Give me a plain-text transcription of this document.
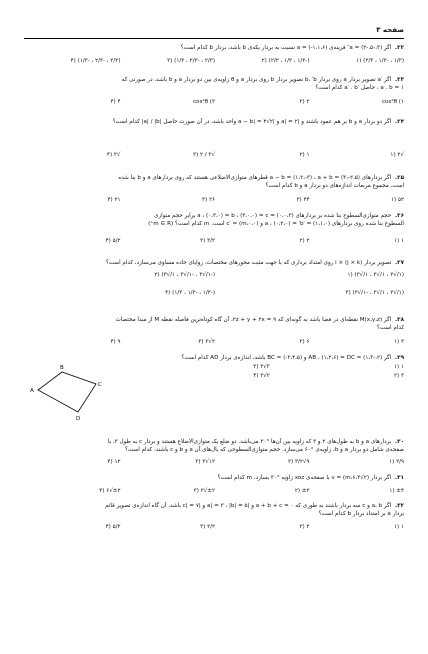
صفحه ۳
۲۲. اگر (۳،-۵،-۲) = a″ قرینه‌ی a = (-۱،۱،۶) نسبت به بردار یکه‌ی b باشد، بردار b کدام است؟
(۱/۳ ، -۱/۳ ، ۲/۳) (۱
(-۱/۳ ، ۱/۳ ، ۲/۳) (۲
(۲/۳ ، -۲/۳ ، ۱/۳) (۳
(۲/۳ ، -۲/۳ ، -۱/۳) (۴
۲۳. اگر ′a تصویر بردار a روی بردار b، ′b تصویر بردار b روی بردار a و θ زاویه‌ی بین دو بردار a و b باشد، در صورتی که
۱ = a . b ، حاصل ′a′ . b کدام است؟
cos²θ (۱
۲ (۲
cos⁴θ (۳
۴ (۴
۲۴. اگر دو بردار a و b بر هم عمود باشند و |a| = ۲ و |a − b| = ۴√۲ واحد باشد، در آن صورت حاصل |a| / |b| کدام است؟
√۲ (۱
۱ (۲
√۳ / ۲ (۳
√۳ (۴
۲۵. اگر بردارهای a − b = (۱،۲،-۳) ، a + b = (۳،-۲،۵) قطرهای متوازی‌الاضلاعی هستند که روی بردارهای a و b بنا شده
است. مجموع مربعات اندازه‌های دو بردار a و b کدام است؟
۵۲ (۱
۴۴ (۲
۲۶ (۳
۲۱ (۴
۲۶. حجم متوازی‌السطوح بنا شده بر بردارهای (۰،۰،۳) = a ، (۰،۳،۰) = b ، (۳،۰،۰) = c برابر حجم متوازی
السطوح بنا شده روی بردارهای (۱،۱،۰) = ′a ، (۰،۲،۰) = ′b و (۰،۰،m) = ′c است. m کدام است؟ (m ∈ R⁺)
۱ (۱
۲ (۲
۳/۲ (۳
۵/۲ (۴
۲۷. تصویر بردار i × (j × k) روی امتداد برداری که با جهت مثبت محورهای مختصات، زوایای حاده مساوی می‌سازد، کدام است؟
(۱/√۳ ، ۱/√۳ ، ۱/√۳) (۱
(-۱/√۳ ، -۱/√۳ ، ۱/√۳) (۲
(۱/√۳ ، ۱/√۳ ، -۱/√۳) (۳
(-۱/۳ ، -۱/۳ ، ۱/۳) (۴
۲۸. اگر M(x،y،z) نقطه‌ای در فضا باشد به گونه‌ای که ۹ = ۲z + y + ۲x، آن گاه کوتاه‌ترین فاصله نقطه M از مبدأ مختصات
کدام است؟
۳ (۱
۶ (۲
۲√۳ (۳
۹ (۴
۲۹. اگر (۲،-۱،۳) = AB ، (۱،۲،۶) = DC و (۳،۴،۵-) = BC باشد، اندازه‌ی بردار AD کدام است؟
۱ (۱
۳ (۲
۳√۳ (۳
۲√۳ (۴
A
B
C
D
۳۰. بردارهای a و b به طول‌های ۲ و ۳ که زاویه بین آن‌ها °۳۰ می‌باشد. دو ضلع یک متوازی‌الاضلاع هستند و بردار c به طول ۳، با
صفحه‌ی شامل دو بردار a و b، زاویه‌ی °۶۰ می‌سازد. حجم متوازی‌السطوحی که یال‌های آن a و b و c باشند، کدام است؟
۲/۹ (۱
۹√۳/۲ (۲
۱۲√۳ (۳
۱۲ (۴
۳۱. اگر بردار (۲√۳،m،۶) = v با صفحه‌ی xoz زاویه °۳۰ بسازد، m کدام است؟
±۴ (۱
±۲ (۲
±۲√۳ (۳
±۲√۶ (۴
۳۲. اگر a، b و c سه بردار باشند به طوری که ۰ = a + b + c و |a| = ۳ ، |b| = ۵ و |c| = ۷ باشد، آن گاه اندازه‌ی تصویر قائم
بردار a بر امتداد بردار b کدام است؟
۱ (۱
۲ (۲
۳/۲ (۳
۵/۲ (۴
